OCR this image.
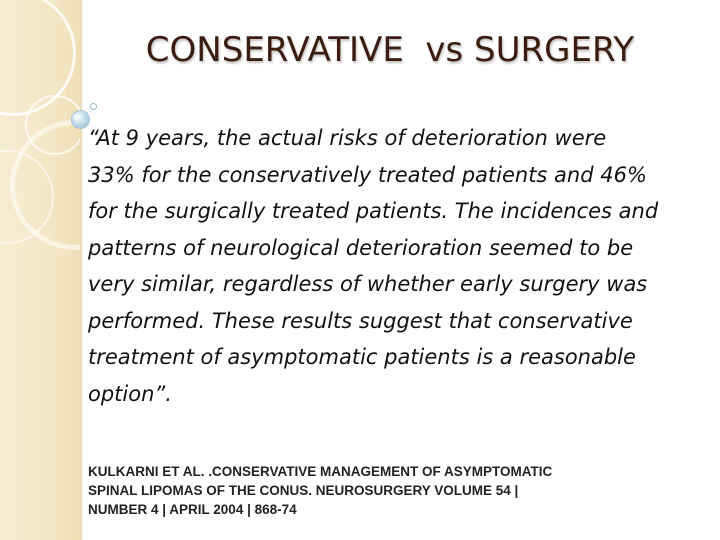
CONSERVATIVE  vs SURGERY

“At 9 years, the actual risks of deterioration were
33% for the conservatively treated patients and 46%
for the surgically treated patients. The incidences and
patterns of neurological deterioration seemed to be
very similar, regardless of whether early surgery was
performed. These results suggest that conservative
treatment of asymptomatic patients is a reasonable
option”.

KULKARNI ET AL. .CONSERVATIVE MANAGEMENT OF ASYMPTOMATIC
SPINAL LIPOMAS OF THE CONUS. NEUROSURGERY VOLUME 54 |
NUMBER 4 | APRIL 2004 | 868-74
